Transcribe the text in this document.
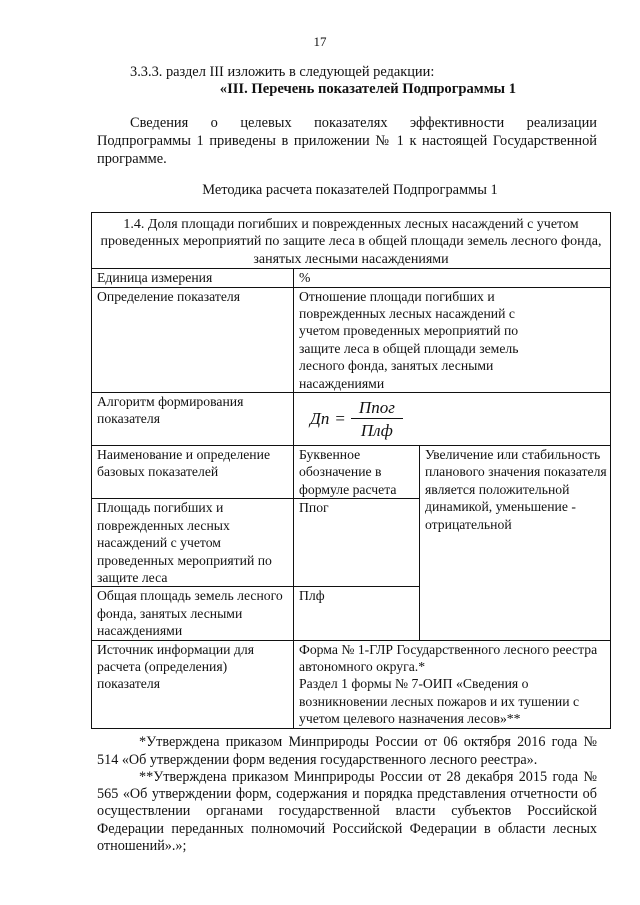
17
3.3.3. раздел III изложить в следующей редакции:
«III. Перечень показателей Подпрограммы 1
Сведения о целевых показателях эффективности реализации Подпрограммы 1 приведены в приложении № 1 к настоящей Государственной программе.
Методика расчета показателей Подпрограммы 1
1.4. Доля площади погибших и поврежденных лесных насаждений с учетом проведенных мероприятий по защите леса в общей площади земель лесного фонда, занятых лесными насаждениями		
Единица измерения	%	
Определение показателя	Отношение площади погибших и поврежденных лесных насаждений с учетом проведенных мероприятий по защите леса в общей площади земель лесного фонда, занятых лесными насаждениями	
Алгоритм формирования показателя	Дп = $\frac{\text{Ппог}}{\text{Плф}}$

Наименование и определение базовых показателей	Буквенное обозначение в формуле расчета	Увеличение или стабильность планового значения показателя является положительной динамикой, уменьшение - отрицательной
Площадь погибших и поврежденных лесных насаждений с учетом проведенных мероприятий по защите леса	Ппог	
Общая площадь земель лесного фонда, занятых лесными насаждениями	Плф	
Источник информации для расчета (определения) показателя	Форма № 1-ГЛР Государственного лесного реестра автономного округа.*
Раздел 1 формы № 7-ОИП «Сведения о возникновении лесных пожаров и их тушении с учетом целевого назначения лесов»**	
*Утверждена приказом Минприроды России от 06 октября 2016 года № 514 «Об утверждении форм ведения государственного лесного реестра».
**Утверждена приказом Минприроды России от 28 декабря 2015 года № 565 «Об утверждении форм, содержания и порядка представления отчетности об осуществлении органами государственной власти субъектов Российской Федерации переданных полномочий Российской Федерации в области лесных отношений».»;
